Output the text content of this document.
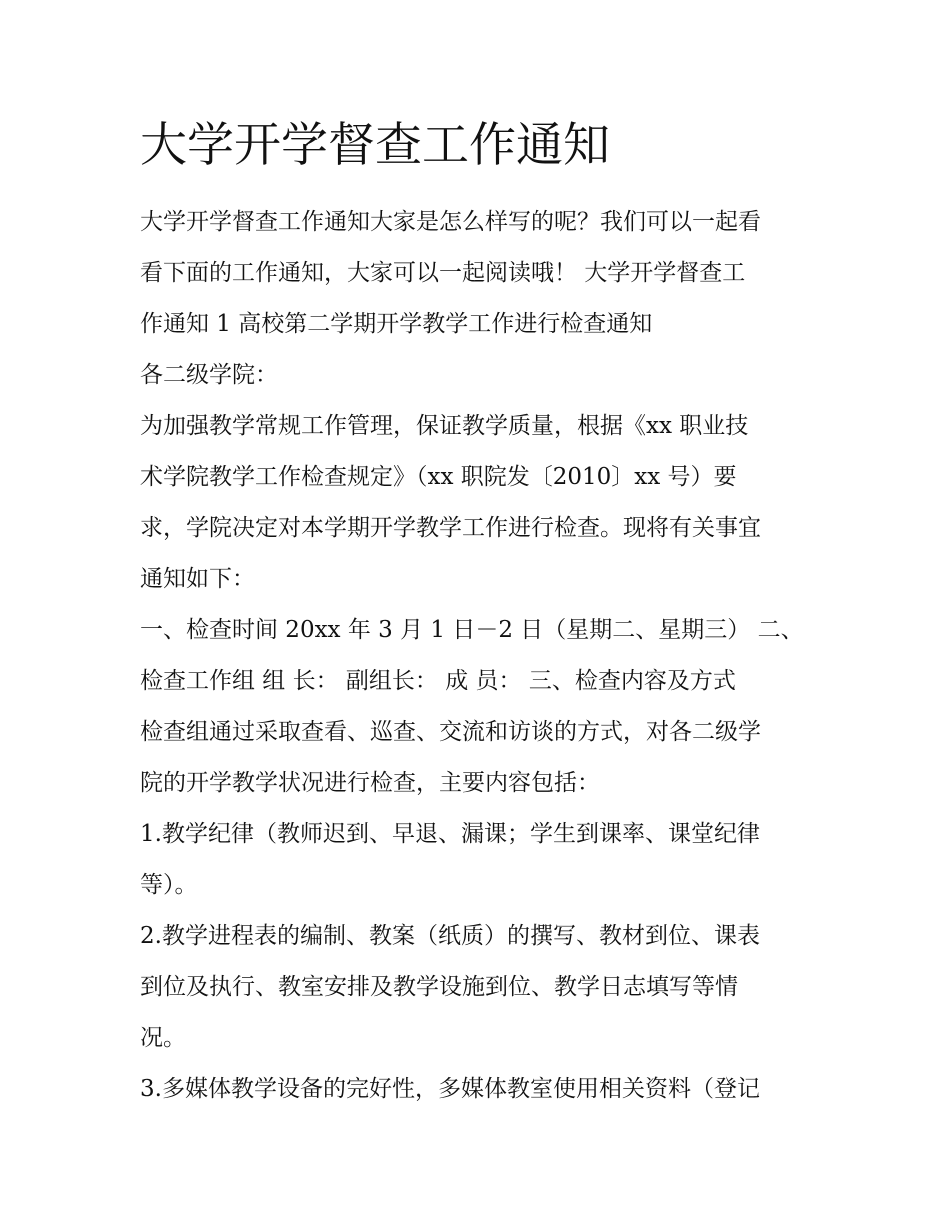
大学开学督查工作通知
大学开学督查工作通知大家是怎么样写的呢？我们可以一起看
看下面的工作通知，大家可以一起阅读哦！ 大学开学督查工
作通知 1 高校第二学期开学教学工作进行检查通知
各二级学院：
为加强教学常规工作管理，保证教学质量，根据《xx 职业技
术学院教学工作检查规定》（xx 职院发〔2010〕xx 号）要
求，学院决定对本学期开学教学工作进行检查。现将有关事宜
通知如下：
一、检查时间 20xx 年 3 月 1 日－2 日（星期二、星期三） 二、
检查工作组 组 长： 副组长： 成 员： 三、检查内容及方式
检查组通过采取查看、巡查、交流和访谈的方式，对各二级学
院的开学教学状况进行检查，主要内容包括：
1.教学纪律（教师迟到、早退、漏课；学生到课率、课堂纪律
等）。
2.教学进程表的编制、教案（纸质）的撰写、教材到位、课表
到位及执行、教室安排及教学设施到位、教学日志填写等情
况。
3.多媒体教学设备的完好性，多媒体教室使用相关资料（登记
